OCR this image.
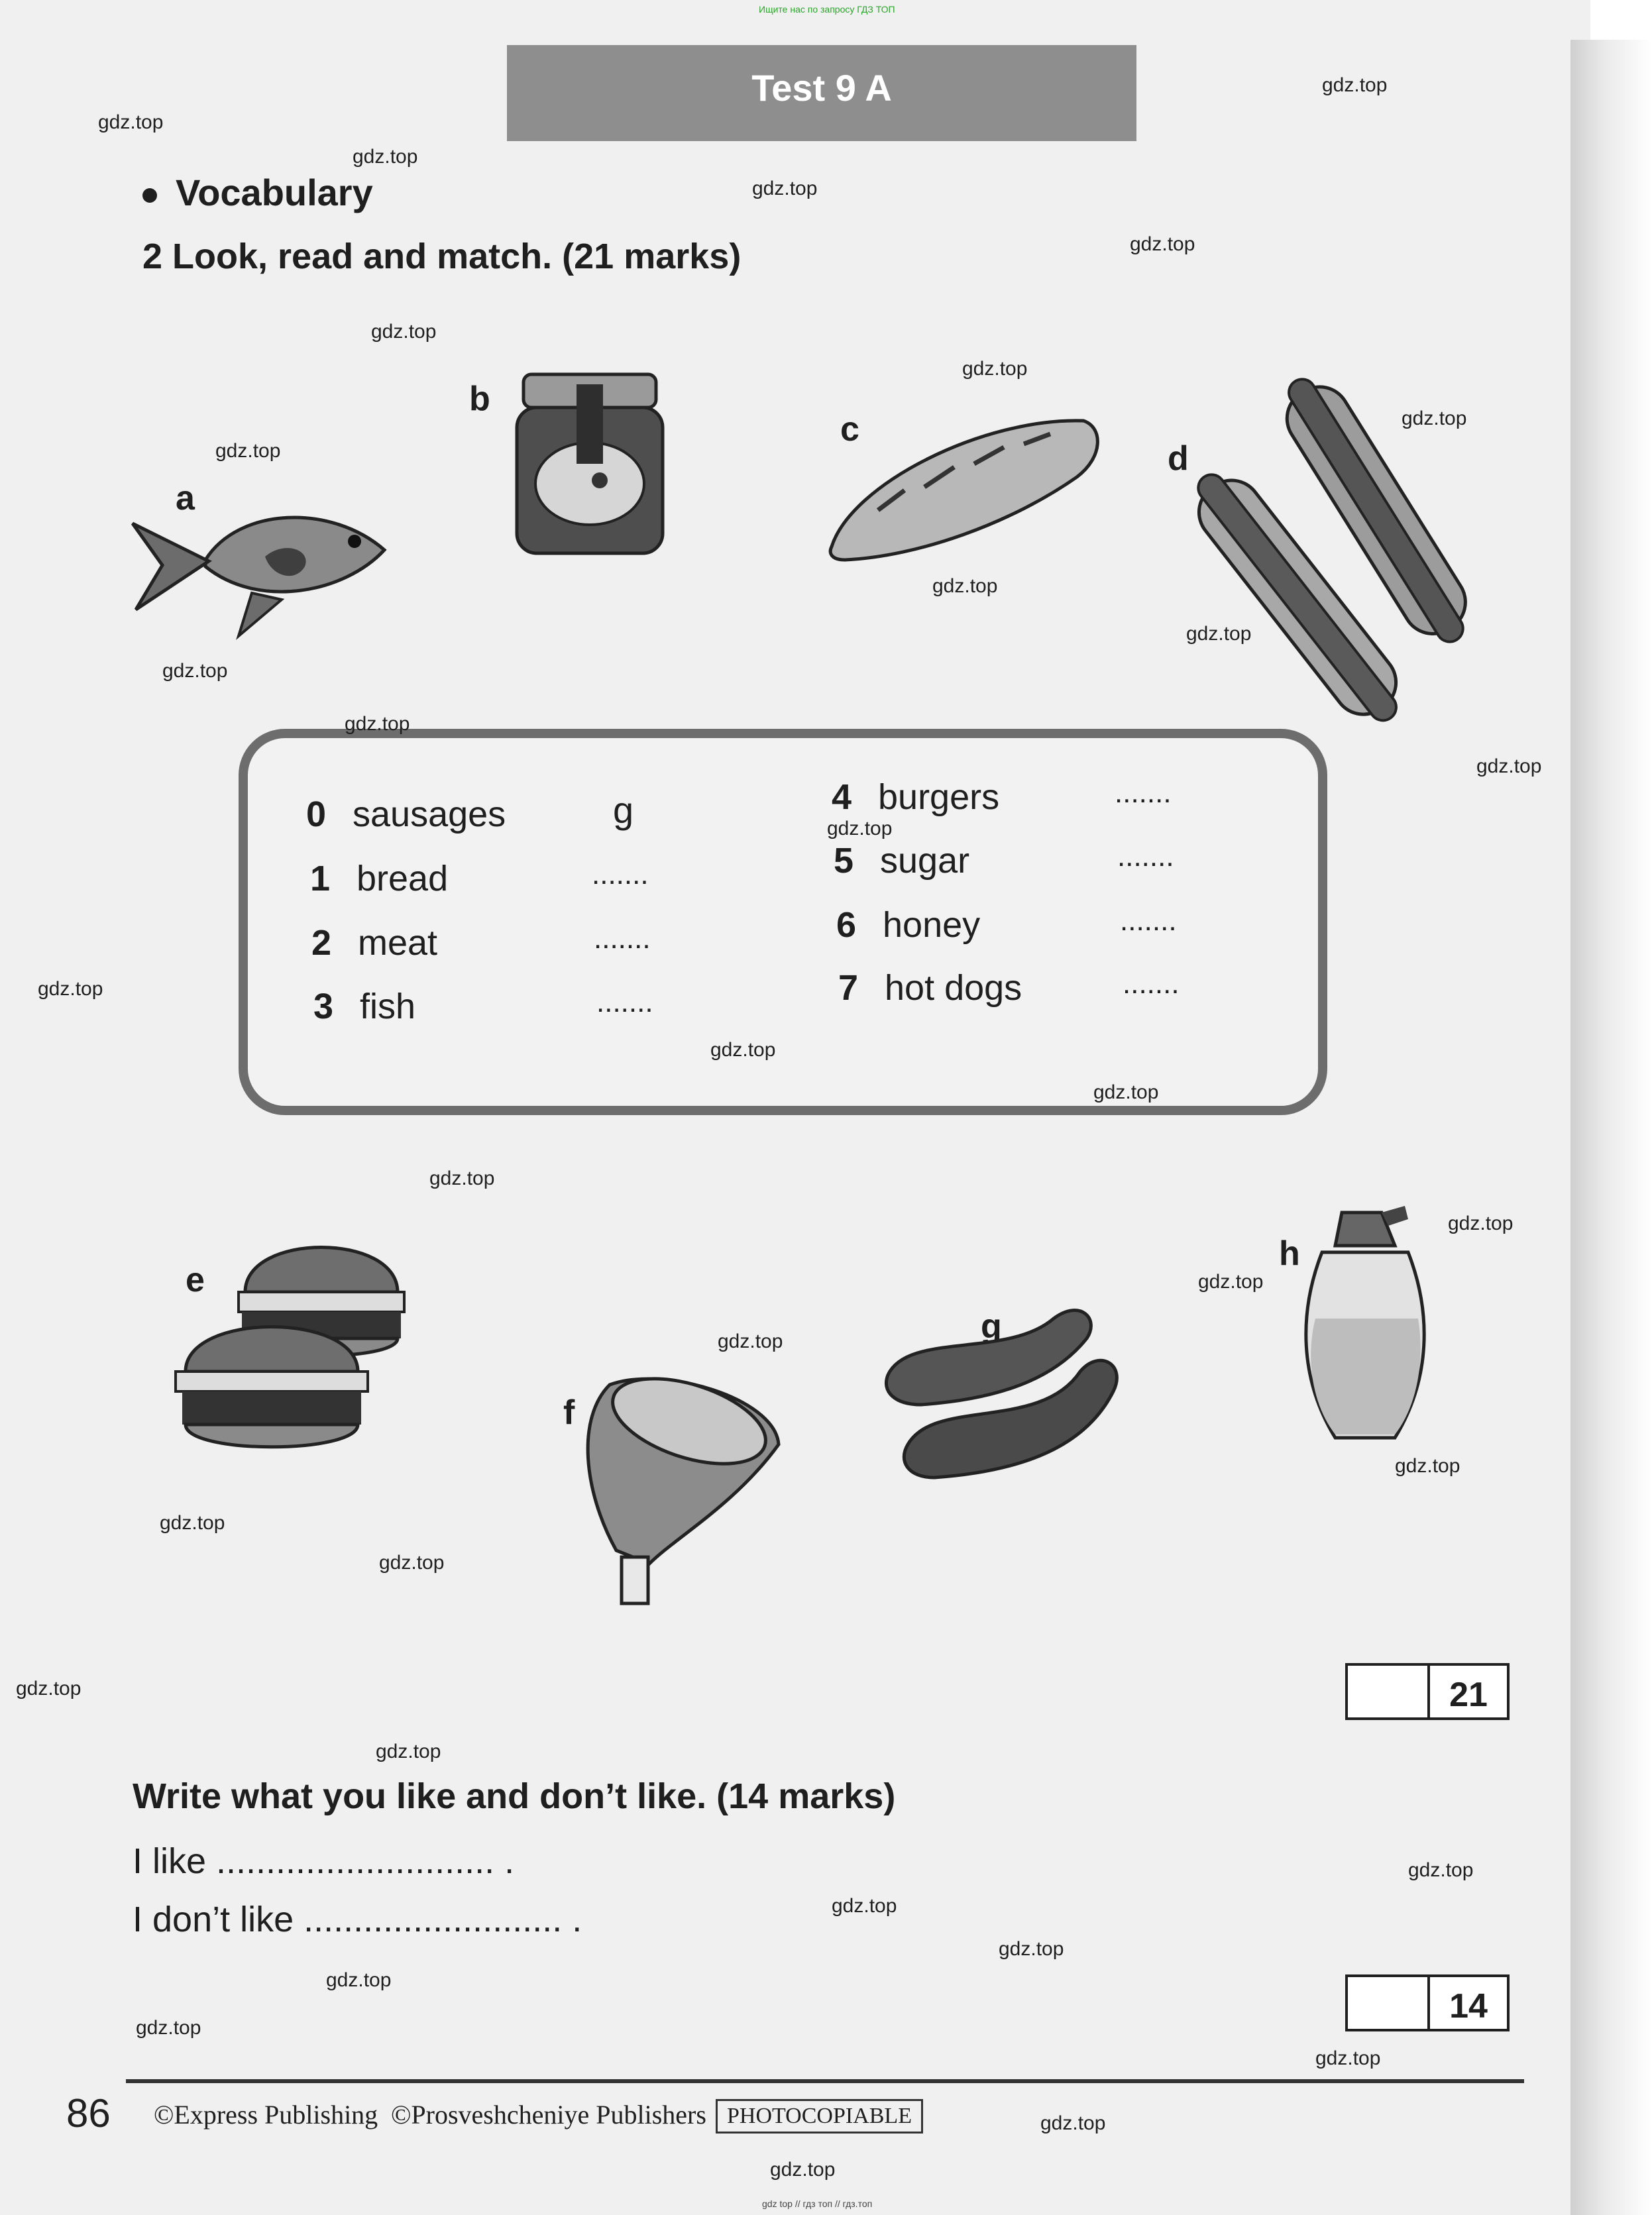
Ищите нас по запросу ГДЗ ТОП
Test 9 A
Vocabulary
2 Look, read and match. (21 marks)
a
b
c
d
e
f
g
h
0 sausages	g
1 bread	.......
2 meat	.......
3 fish	.......
4 burgers	.......
5 sugar	.......
6 honey	.......
7 hot dogs	.......
21
Write what you like and don’t like. (14 marks)
I like ............................ .
I don’t like .......................... .
14
86 ©Express Publishing ©Prosveshcheniye Publishers PHOTOCOPIABLE
gdz.top
gdz.top
gdz.top
gdz.top
gdz.top
gdz.top
gdz.top
gdz.top
gdz.top
gdz.top
gdz.top
gdz.top
gdz.top
gdz.top
gdz.top
gdz.top
gdz.top
gdz.top
gdz.top
gdz.top
gdz.top
gdz.top
gdz.top
gdz.top
gdz.top
gdz.top
gdz.top
gdz.top
gdz.top
gdz.top
gdz.top
gdz.top
gdz.top
gdz.top
gdz.top
gdz top // гдз топ // гдз.топ
